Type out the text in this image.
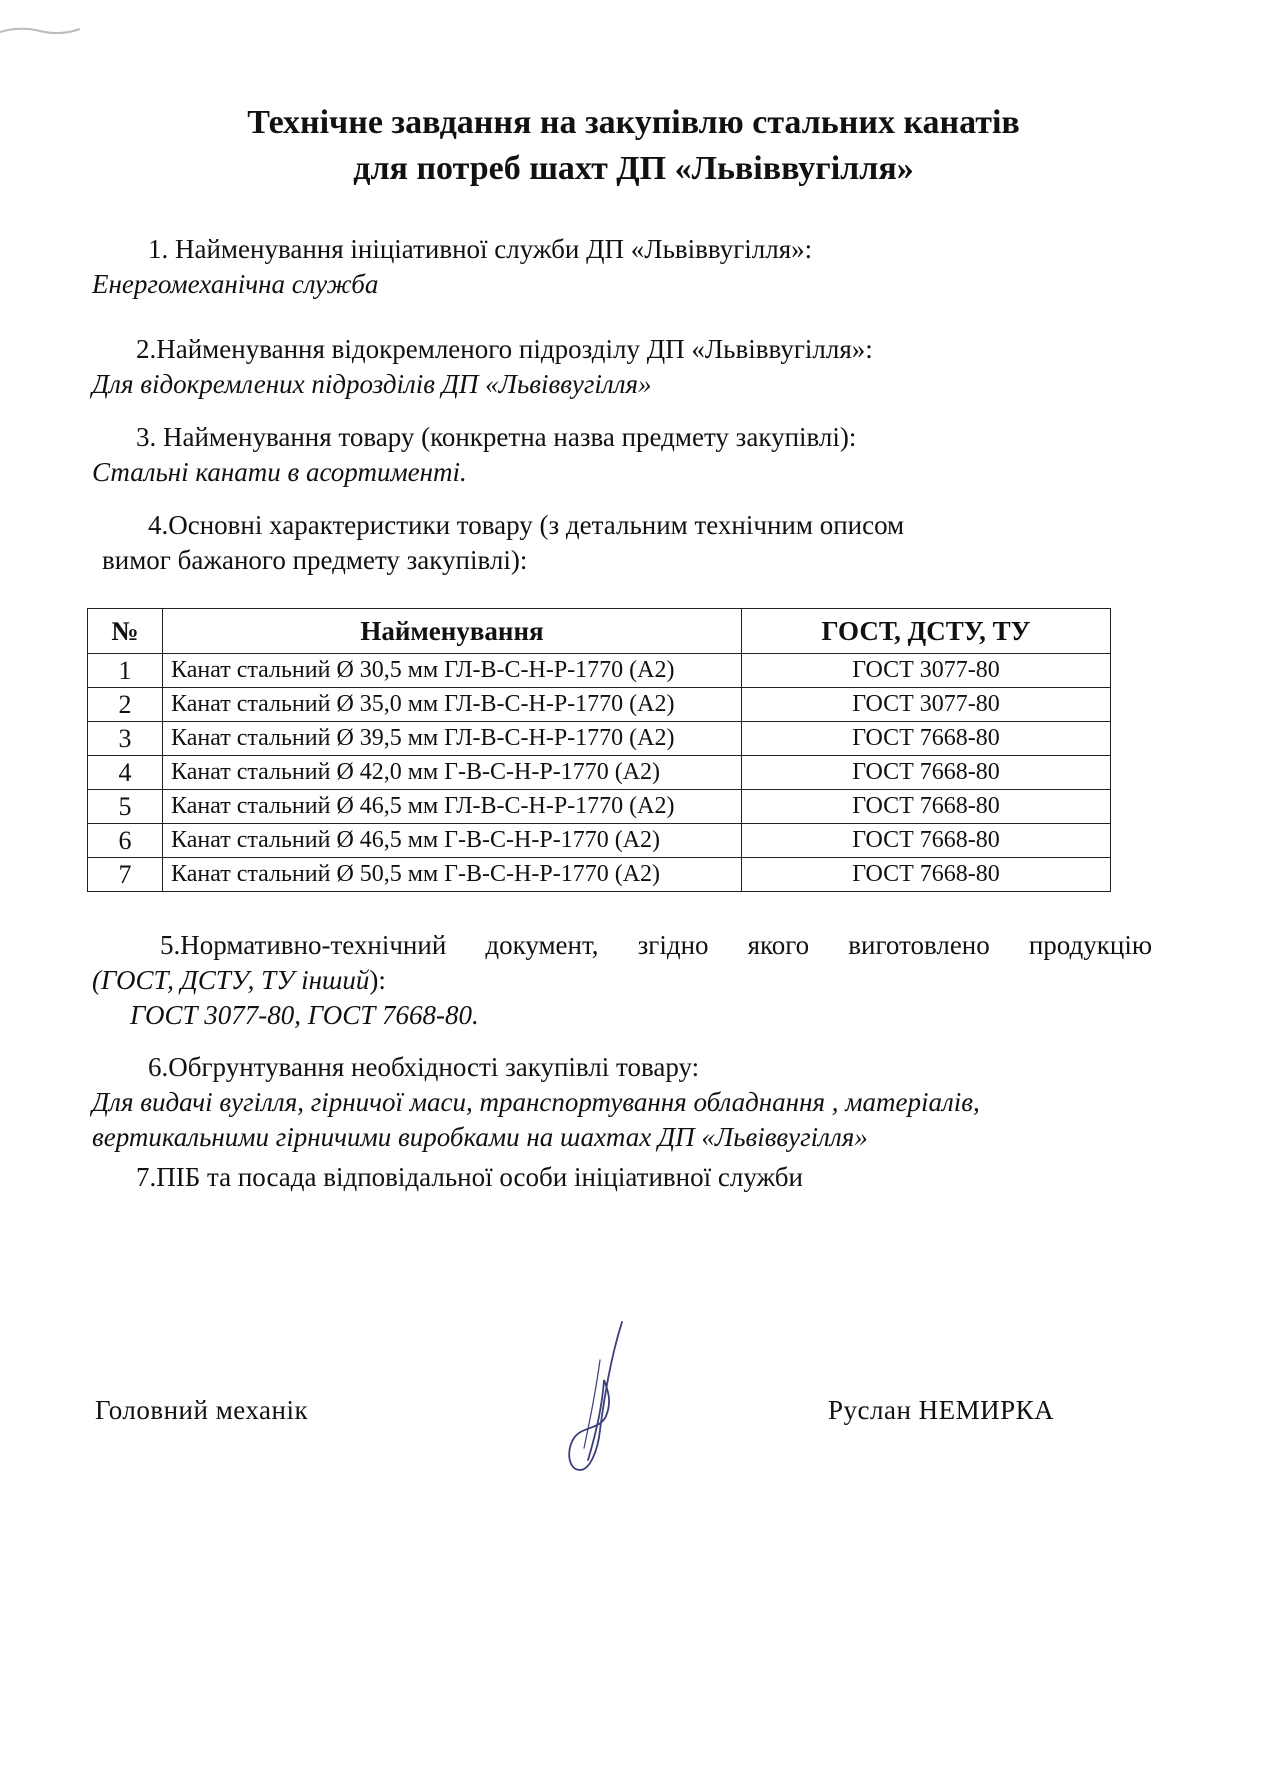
Технічне завдання на закупівлю стальних канатів
для потреб шахт ДП «Львіввугілля»
1. Найменування ініціативної служби ДП «Львіввугілля»:
Енергомеханічна служба
2.Найменування відокремленого підрозділу ДП «Львіввугілля»:
Для відокремлених підрозділів ДП «Львіввугілля»
3. Найменування товару (конкретна назва предмету закупівлі):
Стальні канати в асортименті.
4.Основні характеристики товару (з детальним технічним описом
вимог бажаного предмету закупівлі):
№	Найменування	ГОСТ, ДСТУ, ТУ
1	Канат стальний Ø 30,5 мм ГЛ-В-С-Н-Р-1770 (А2)	ГОСТ 3077-80
2	Канат стальний Ø 35,0 мм ГЛ-В-С-Н-Р-1770 (А2)	ГОСТ 3077-80
3	Канат стальний Ø 39,5 мм ГЛ-В-С-Н-Р-1770 (А2)	ГОСТ 7668-80
4	Канат стальний Ø 42,0 мм Г-В-С-Н-Р-1770 (А2)	ГОСТ 7668-80
5	Канат стальний Ø 46,5 мм ГЛ-В-С-Н-Р-1770 (А2)	ГОСТ 7668-80
6	Канат стальний Ø 46,5 мм Г-В-С-Н-Р-1770 (А2)	ГОСТ 7668-80
7	Канат стальний Ø 50,5 мм Г-В-С-Н-Р-1770 (А2)	ГОСТ 7668-80
5.Нормативно-технічний документ, згідно якого виготовлено продукцію
(ГОСТ, ДСТУ, ТУ інший):
ГОСТ 3077-80, ГОСТ 7668-80.
6.Обгрунтування необхідності закупівлі товару:
Для видачі вугілля, гірничої маси, транспортування обладнання , матеріалів,
вертикальними гірничими виробками на шахтах ДП «Львіввугілля»
7.ПІБ та посада відповідальної особи ініціативної служби
Головний механік	Руслан НЕМИРКА
